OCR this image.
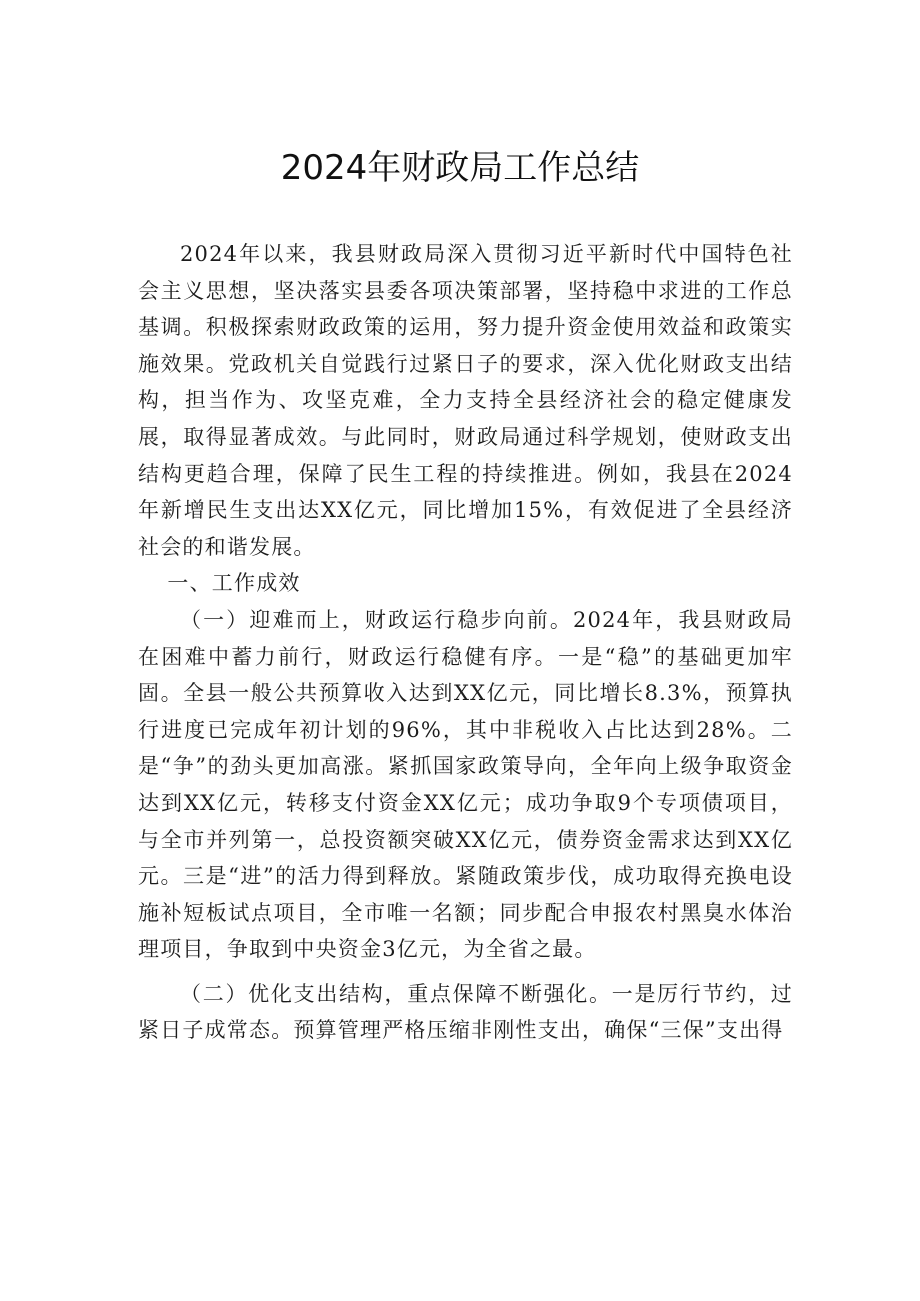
2024年财政局工作总结

2024年以来，我县财政局深入贯彻习近平新时代中国特色社会主义思想，坚决落实县委各项决策部署，坚持稳中求进的工作总基调。积极探索财政政策的运用，努力提升资金使用效益和政策实施效果。党政机关自觉践行过紧日子的要求，深入优化财政支出结构，担当作为、攻坚克难，全力支持全县经济社会的稳定健康发展，取得显著成效。与此同时，财政局通过科学规划，使财政支出结构更趋合理，保障了民生工程的持续推进。例如，我县在2024年新增民生支出达XX亿元，同比增加15%，有效促进了全县经济社会的和谐发展。

一、工作成效

（一）迎难而上，财政运行稳步向前。2024年，我县财政局在困难中蓄力前行，财政运行稳健有序。一是“稳”的基础更加牢固。全县一般公共预算收入达到XX亿元，同比增长8.3%，预算执行进度已完成年初计划的96%，其中非税收入占比达到28%。二是“争”的劲头更加高涨。紧抓国家政策导向，全年向上级争取资金达到XX亿元，转移支付资金XX亿元；成功争取9个专项债项目，与全市并列第一，总投资额突破XX亿元，债券资金需求达到XX亿元。三是“进”的活力得到释放。紧随政策步伐，成功取得充换电设施补短板试点项目，全市唯一名额；同步配合申报农村黑臭水体治理项目，争取到中央资金3亿元，为全省之最。

（二）优化支出结构，重点保障不断强化。一是厉行节约，过紧日子成常态。预算管理严格压缩非刚性支出，确保“三保”支出得
